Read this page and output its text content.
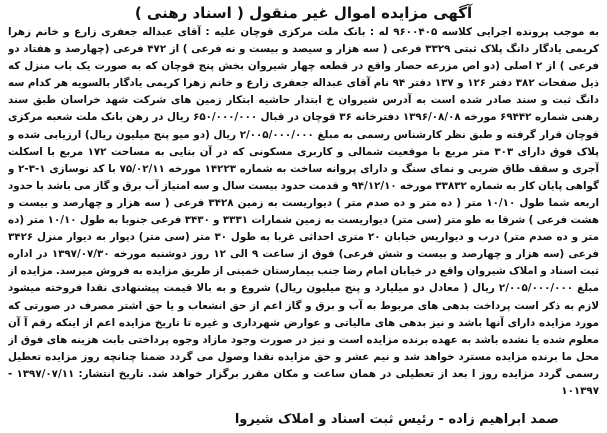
آگهی مزایده اموال غیر منقول ( اسناد رهنی )
به موجب پرونده اجرایی کلاسه ۹۶۰۰۴۰۵ له : بانک ملت مرکزی قوچان علیه : آقای عبداله جعفری زارع و خانم زهرا کریمی یادگار دانگ پلاک ثبتی ۳۳۲۹ فرعی ( سه هزار و سیصد و بیست و نه فرعی ) از ۴۷۲ فرعی (چهارصد و هفتاد دو فرعی ) از ۲ اصلی (دو اص مزرعه حصار واقع در قطعه چهار شیروان بخش پنج قوچان که به صورت یک باب منزل که ذیل صفحات ۳۸۲ دفتر ۱۲۶ و ۱۳۷ دفتر ۹۴ نام آقای عبداله جعفری زارع و خانم زهرا کریمی یادگار بالسویه هر کدام سه دانگ ثبت و سند صادر شده است به آدرس شیروان خ ابتدار حاشیه ابتکار زمین های شرکت شهد خراسان طبق سند رهنی شماره ۶۹۴۴۲ مورخه ۱۳۹۶/۰۸/۰۸ دفترخانه ۳۶ قوچان در قبال ۶۵۰/۰۰۰/۰۰۰ ریال در رهن بانک ملت شعبه مرکزی قوچان قرار گرفته و طبق نظر کارشناس رسمی به مبلغ ۲/۰۰۵/۰۰۰/۰۰۰ ریال (دو میو پنج میلیون ریال) ارزیابی شده و پلاک فوق دارای ۳۰۳ متر مربع با موقعیت شمالی و کاربری مسکونی که در آن بنایی به مساحت ۱۷۲ مربع با اسکلت آجری و سقف طاق ضربی و نمای سنگ و دارای پروانه ساخت به شماره ۱۴۲۲۳ مورخه ۷۵/۰۲/۱۱ با کد نوسازی ۱-۳-۲ و گواهی پایان کار به شماره ۳۳۸۳۲ مورخه ۹۴/۱۲/۱۰ و قدمت حدود بیست سال و سه امتیاز آب برق و گاز می باشد با حدود اربعه شما طول ۱۰/۱۰ متر ( ده متر و ده صدم متر ) دیواریست به زمین ۳۴۲۸ فرعی ( سه هزار و چهارصد و بیست و هشت فرعی ) شرقا به طو متر (سی متر) دیواریست به زمین شمارات ۳۳۳۱ و ۳۴۳۰ فرعی جنوبا به طول ۱۰/۱۰ متر (ده متر و ده صدم متر) درب و دیواریس خیابان ۲۰ متری احداثی غربا به طول ۳۰ متر (سی متر) دیوار به دیوار منزل ۳۴۲۶ فرعی (سه هزار و چهارصد و بیست و شش فرعی) فوق از ساعت ۹ الی ۱۲ روز دوشنبه مورخه ۱۳۹۷/۰۷/۳۰ در اداره ثبت اسناد و املاک شیروان واقع در خیابان امام رضا جنب بیمارستان خمینی از طریق مزایده به فروش میرسد. مزایده از مبلغ ۲/۰۰۵/۰۰۰/۰۰۰ ریال ( معادل دو میلیارد و پنج میلیون ریال) شروع و به بالا قیمت پیشنهادی نقدا فروخته میشود لازم به ذکر است پرداخت بدهی های مربوط به آب و برق و گاز اعم از حق انشعاب و یا حق اشتر مصرف در صورتی که مورد مزایده دارای آنها باشد و نیز بدهی های مالیاتی و عوارض شهرداری و غیره تا تاریخ مزایده اعم از اینکه رقم آ آن معلوم شده یا نشده باشد به عهده برنده مزایده است و نیز در صورت وجود مازاد وجوه پرداختی بابت هزینه های فوق از محل ما برنده مزایده مسترد خواهد شد و نیم عشر و حق مزایده نقدا وصول می گردد ضمنا چنانچه روز مزایده تعطیل رسمی گردد مزایده روز ا بعد از تعطیلی در همان ساعت و مکان مقرر برگزار خواهد شد. تاریخ انتشار: ۱۳۹۷/۰۷/۱۱ - ۱۰۱۳۹۷
صمد ابراهیم زاده - رئیس ثبت اسناد و املاک شیروا
